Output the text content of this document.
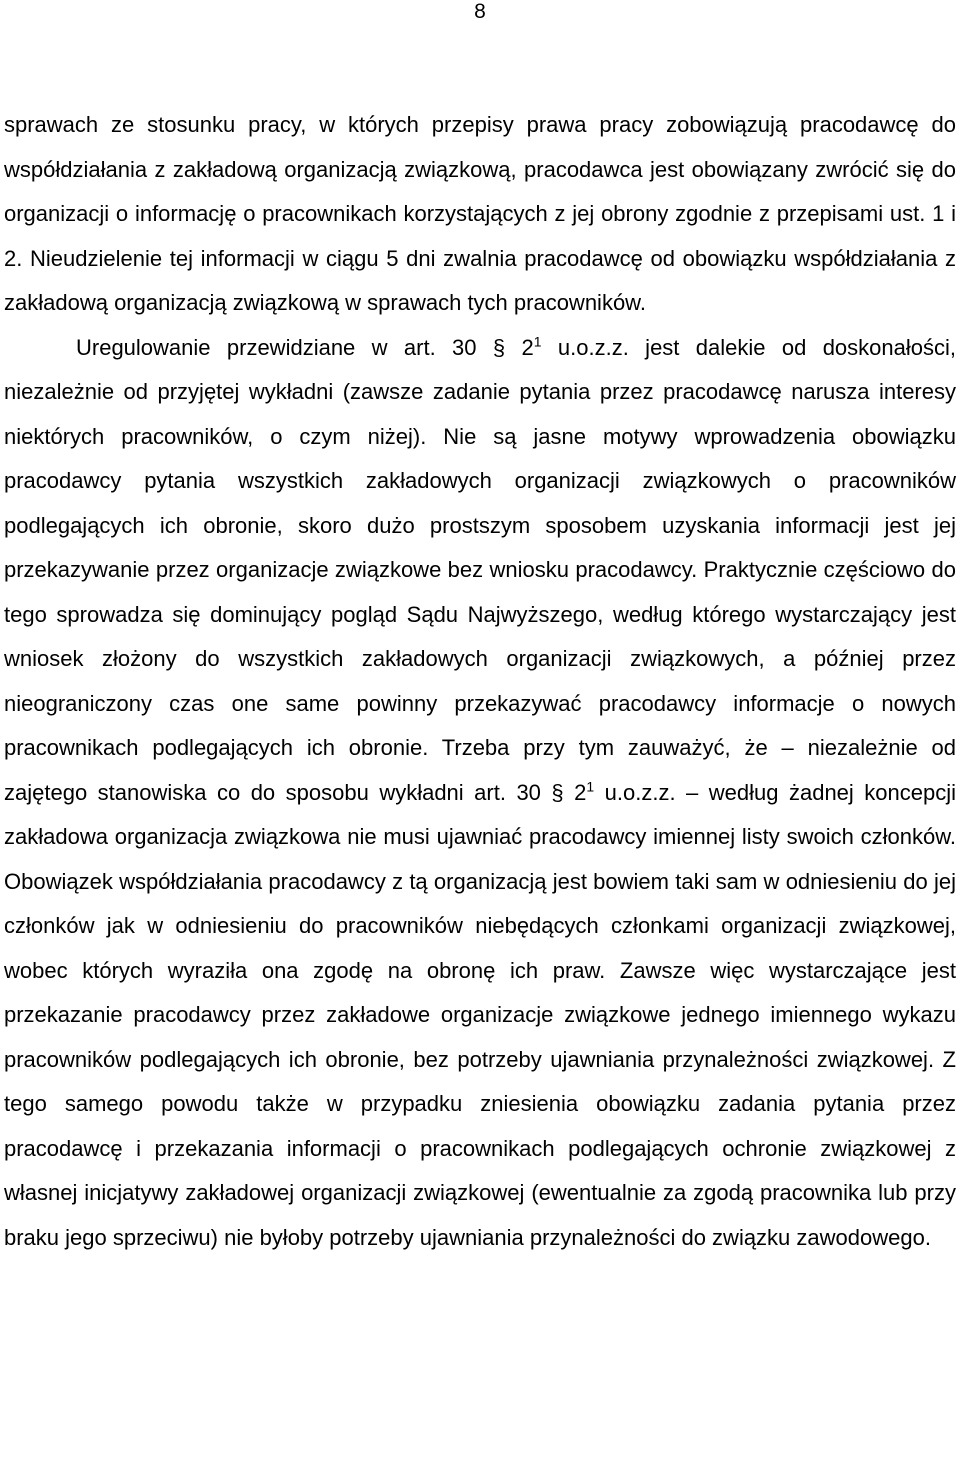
8

sprawach ze stosunku pracy, w których przepisy prawa pracy zobowiązują pracodawcę do współdziałania z zakładową organizacją związkową, pracodawca jest obowiązany zwrócić się do organizacji o informację o pracownikach korzystających z jej obrony zgodnie z przepisami ust. 1 i 2. Nieudzielenie tej informacji w ciągu 5 dni zwalnia pracodawcę od obowiązku współdziałania z zakładową organizacją związkową w sprawach tych pracowników.

Uregulowanie przewidziane w art. 30 § $2^1$ u.o.z.z. jest dalekie od doskonałości, niezależnie od przyjętej wykładni (zawsze zadanie pytania przez pracodawcę narusza interesy niektórych pracowników, o czym niżej). Nie są jasne motywy wprowadzenia obowiązku pracodawcy pytania wszystkich zakładowych organizacji związkowych o pracowników podlegających ich obronie, skoro dużo prostszym sposobem uzyskania informacji jest jej przekazywanie przez organizacje związkowe bez wniosku pracodawcy. Praktycznie częściowo do tego sprowadza się dominujący pogląd Sądu Najwyższego, według którego wystarczający jest wniosek złożony do wszystkich zakładowych organizacji związkowych, a później przez nieograniczony czas one same powinny przekazywać pracodawcy informacje o nowych pracownikach podlegających ich obronie. Trzeba przy tym zauważyć, że – niezależnie od zajętego stanowiska co do sposobu wykładni art. 30 § $2^1$ u.o.z.z. – według żadnej koncepcji zakładowa organizacja związkowa nie musi ujawniać pracodawcy imiennej listy swoich członków. Obowiązek współdziałania pracodawcy z tą organizacją jest bowiem taki sam w odniesieniu do jej członków jak w odniesieniu do pracowników niebędących członkami organizacji związkowej, wobec których wyraziła ona zgodę na obronę ich praw. Zawsze więc wystarczające jest przekazanie pracodawcy przez zakładowe organizacje związkowe jednego imiennego wykazu pracowników podlegających ich obronie, bez potrzeby ujawniania przynależności związkowej. Z tego samego powodu także w przypadku zniesienia obowiązku zadania pytania przez pracodawcę i przekazania informacji o pracownikach podlegających ochronie związkowej z własnej inicjatywy zakładowej organizacji związkowej (ewentualnie za zgodą pracownika lub przy braku jego sprzeciwu) nie byłoby potrzeby ujawniania przynależności do związku zawodowego.
